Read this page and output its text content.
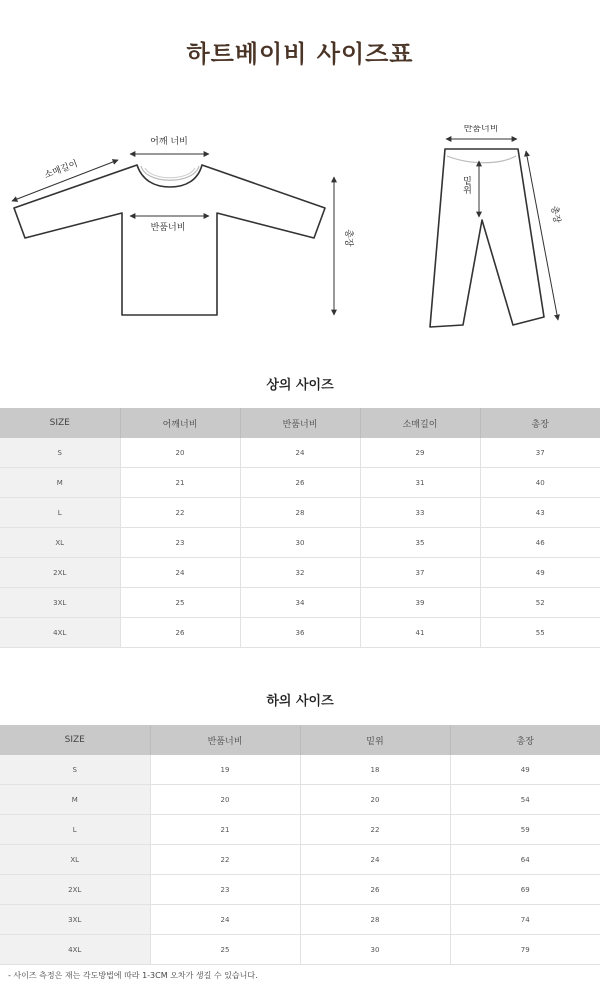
하트베이비 사이즈표
어깨 너비
소매길이
반품너비
총장
반품너비
밑위
총장
상의 사이즈
SIZE	어깨너비	반품너비	소매길이	총장
S	20	24	29	37
M	21	26	31	40
L	22	28	33	43
XL	23	30	35	46
2XL	24	32	37	49
3XL	25	34	39	52
4XL	26	36	41	55
하의 사이즈
SIZE	반품너비	밑위	총장
S	19	18	49
M	20	20	54
L	21	22	59
XL	22	24	64
2XL	23	26	69
3XL	24	28	74
4XL	25	30	79
- 사이즈 측정은 재는 각도방법에 따라 1-3CM 오차가 생길 수 있습니다.
